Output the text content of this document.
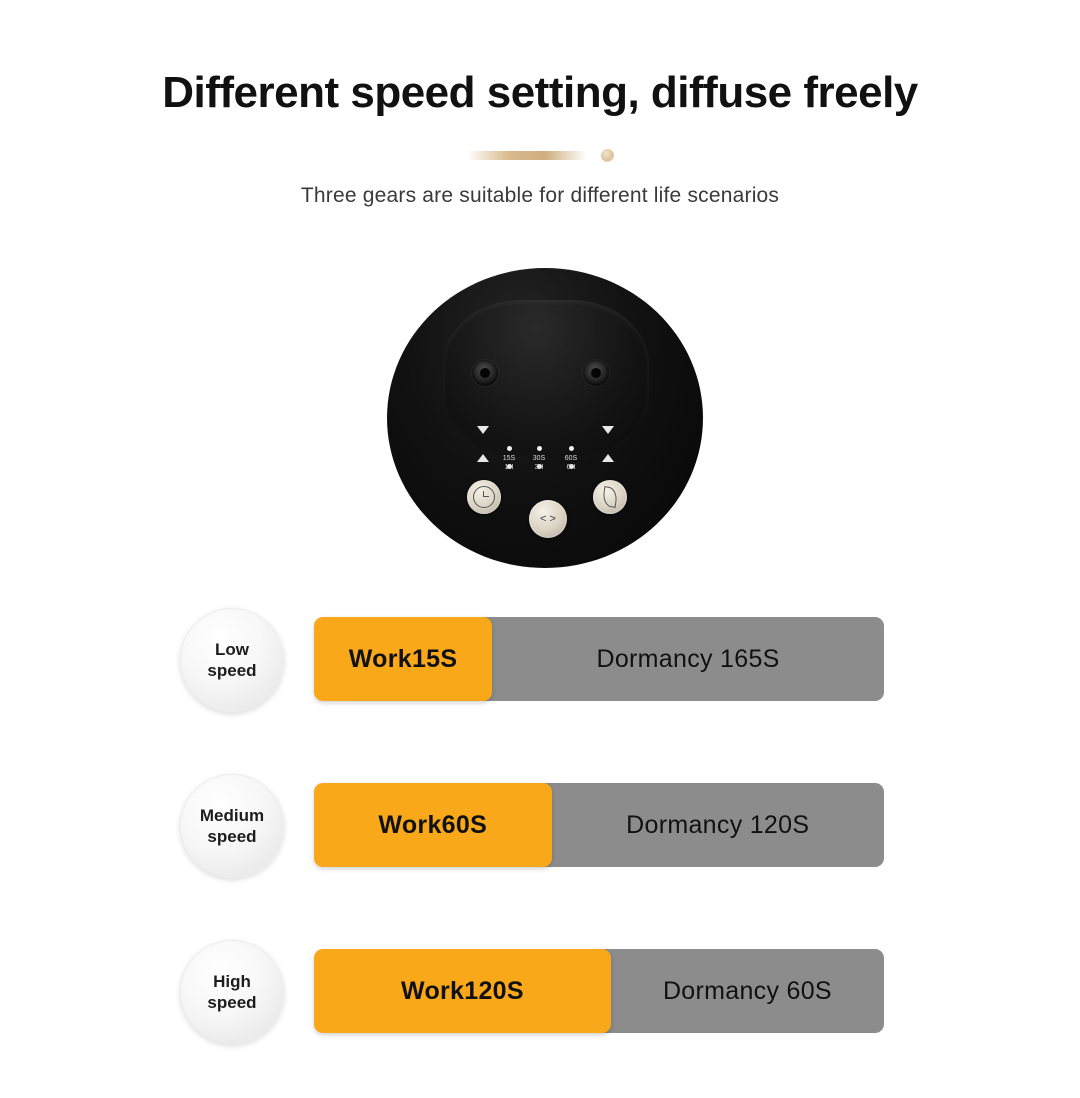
Different speed setting, diffuse freely
Three gears are suitable for different life scenarios
15S
1H
30S
3H
60S
6H
< >
Low
speed	Work15S	Dormancy 165S
Medium
speed	Work60S	Dormancy 120S
High
speed	Work120S	Dormancy 60S
